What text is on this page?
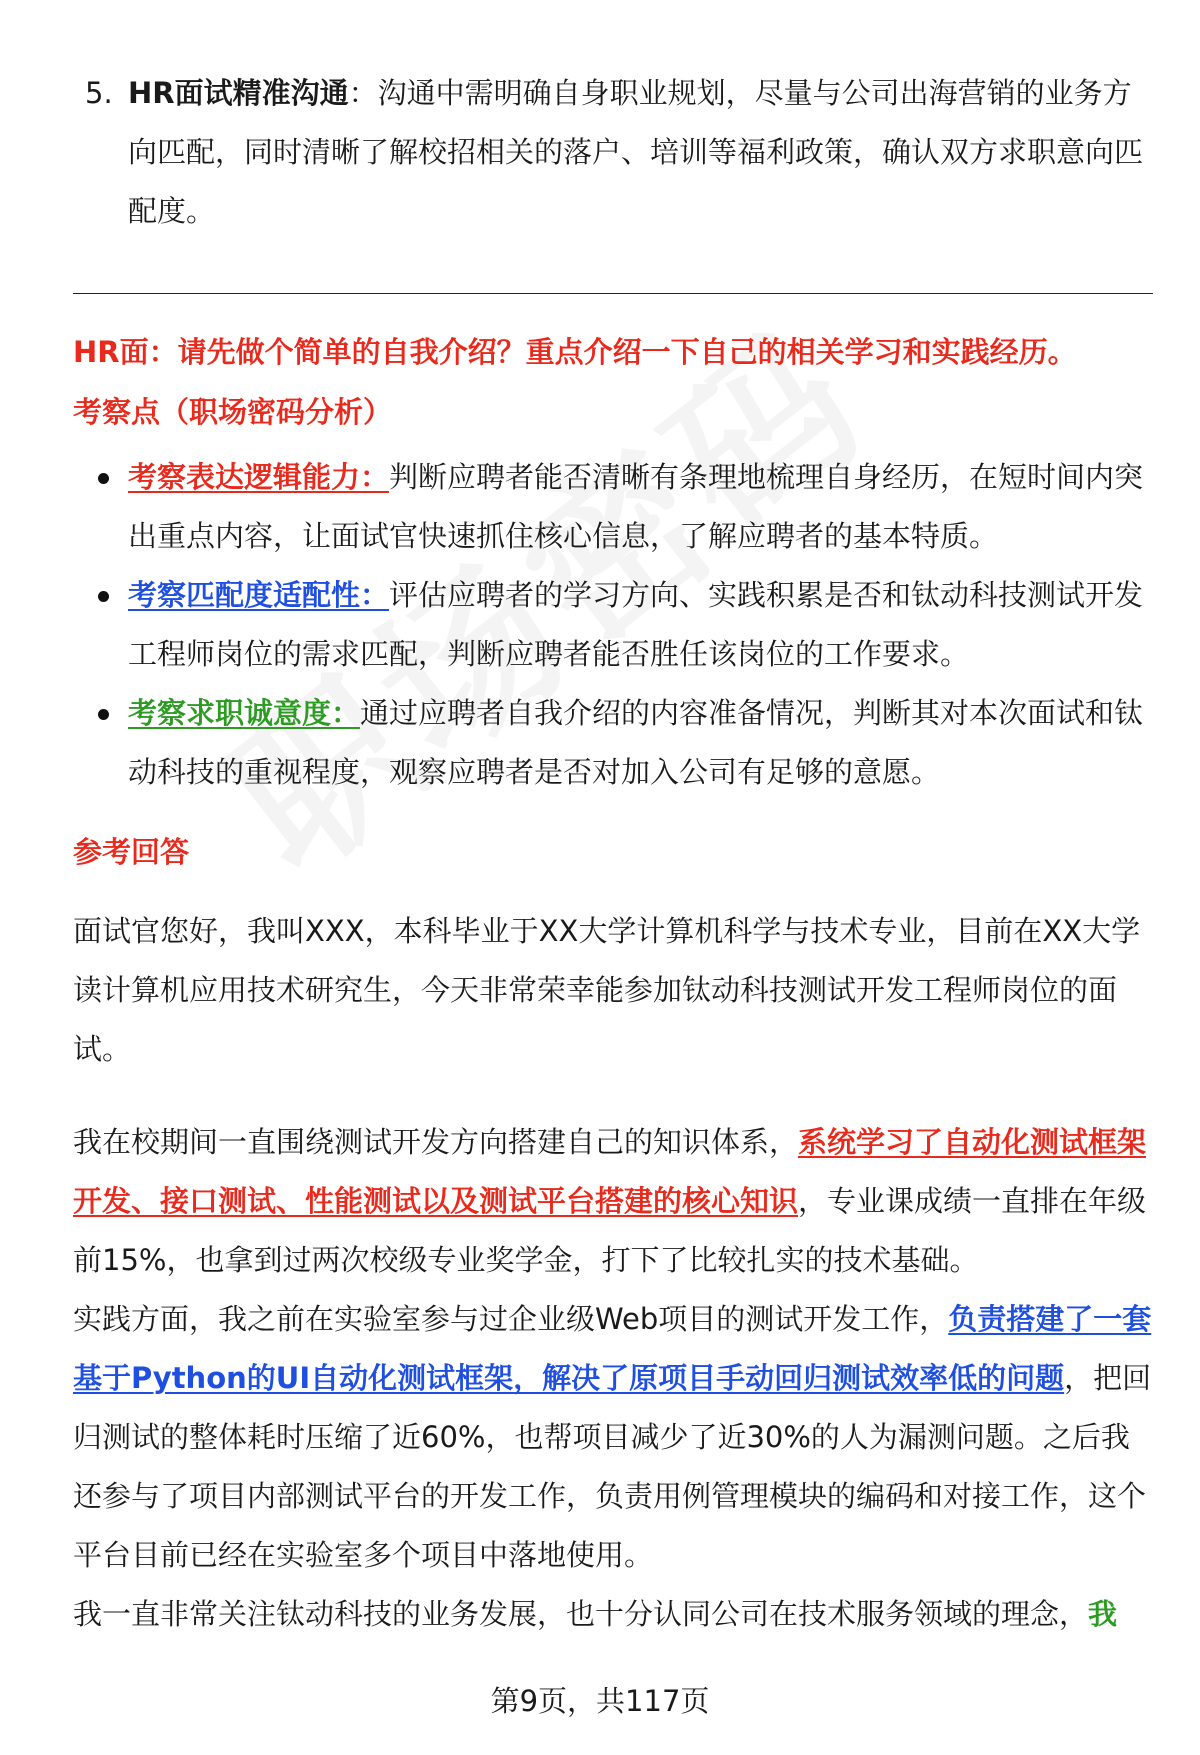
5. HR面试精准沟通：沟通中需明确自身职业规划，尽量与公司出海营销的业务方向匹配，同时清晰了解校招相关的落户、培训等福利政策，确认双方求职意向匹配度。

HR面：请先做个简单的自我介绍？重点介绍一下自己的相关学习和实践经历。

考察点（职场密码分析）

考察表达逻辑能力：判断应聘者能否清晰有条理地梳理自身经历，在短时间内突出重点内容，让面试官快速抓住核心信息，了解应聘者的基本特质。
考察匹配度适配性：评估应聘者的学习方向、实践积累是否和钛动科技测试开发工程师岗位的需求匹配，判断应聘者能否胜任该岗位的工作要求。
考察求职诚意度：通过应聘者自我介绍的内容准备情况，判断其对本次面试和钛动科技的重视程度，观察应聘者是否对加入公司有足够的意愿。

参考回答

面试官您好，我叫XXX，本科毕业于XX大学计算机科学与技术专业，目前在XX大学读计算机应用技术研究生，今天非常荣幸能参加钛动科技测试开发工程师岗位的面试。

我在校期间一直围绕测试开发方向搭建自己的知识体系，系统学习了自动化测试框架开发、接口测试、性能测试以及测试平台搭建的核心知识，专业课成绩一直排在年级前15%，也拿到过两次校级专业奖学金，打下了比较扎实的技术基础。

实践方面，我之前在实验室参与过企业级Web项目的测试开发工作，负责搭建了一套基于Python的UI自动化测试框架，解决了原项目手动回归测试效率低的问题，把回归测试的整体耗时压缩了近60%，也帮项目减少了近30%的人为漏测问题。之后我还参与了项目内部测试平台的开发工作，负责用例管理模块的编码和对接工作，这个平台目前已经在实验室多个项目中落地使用。

我一直非常关注钛动科技的业务发展，也十分认同公司在技术服务领域的理念，我

第9页，共117页
